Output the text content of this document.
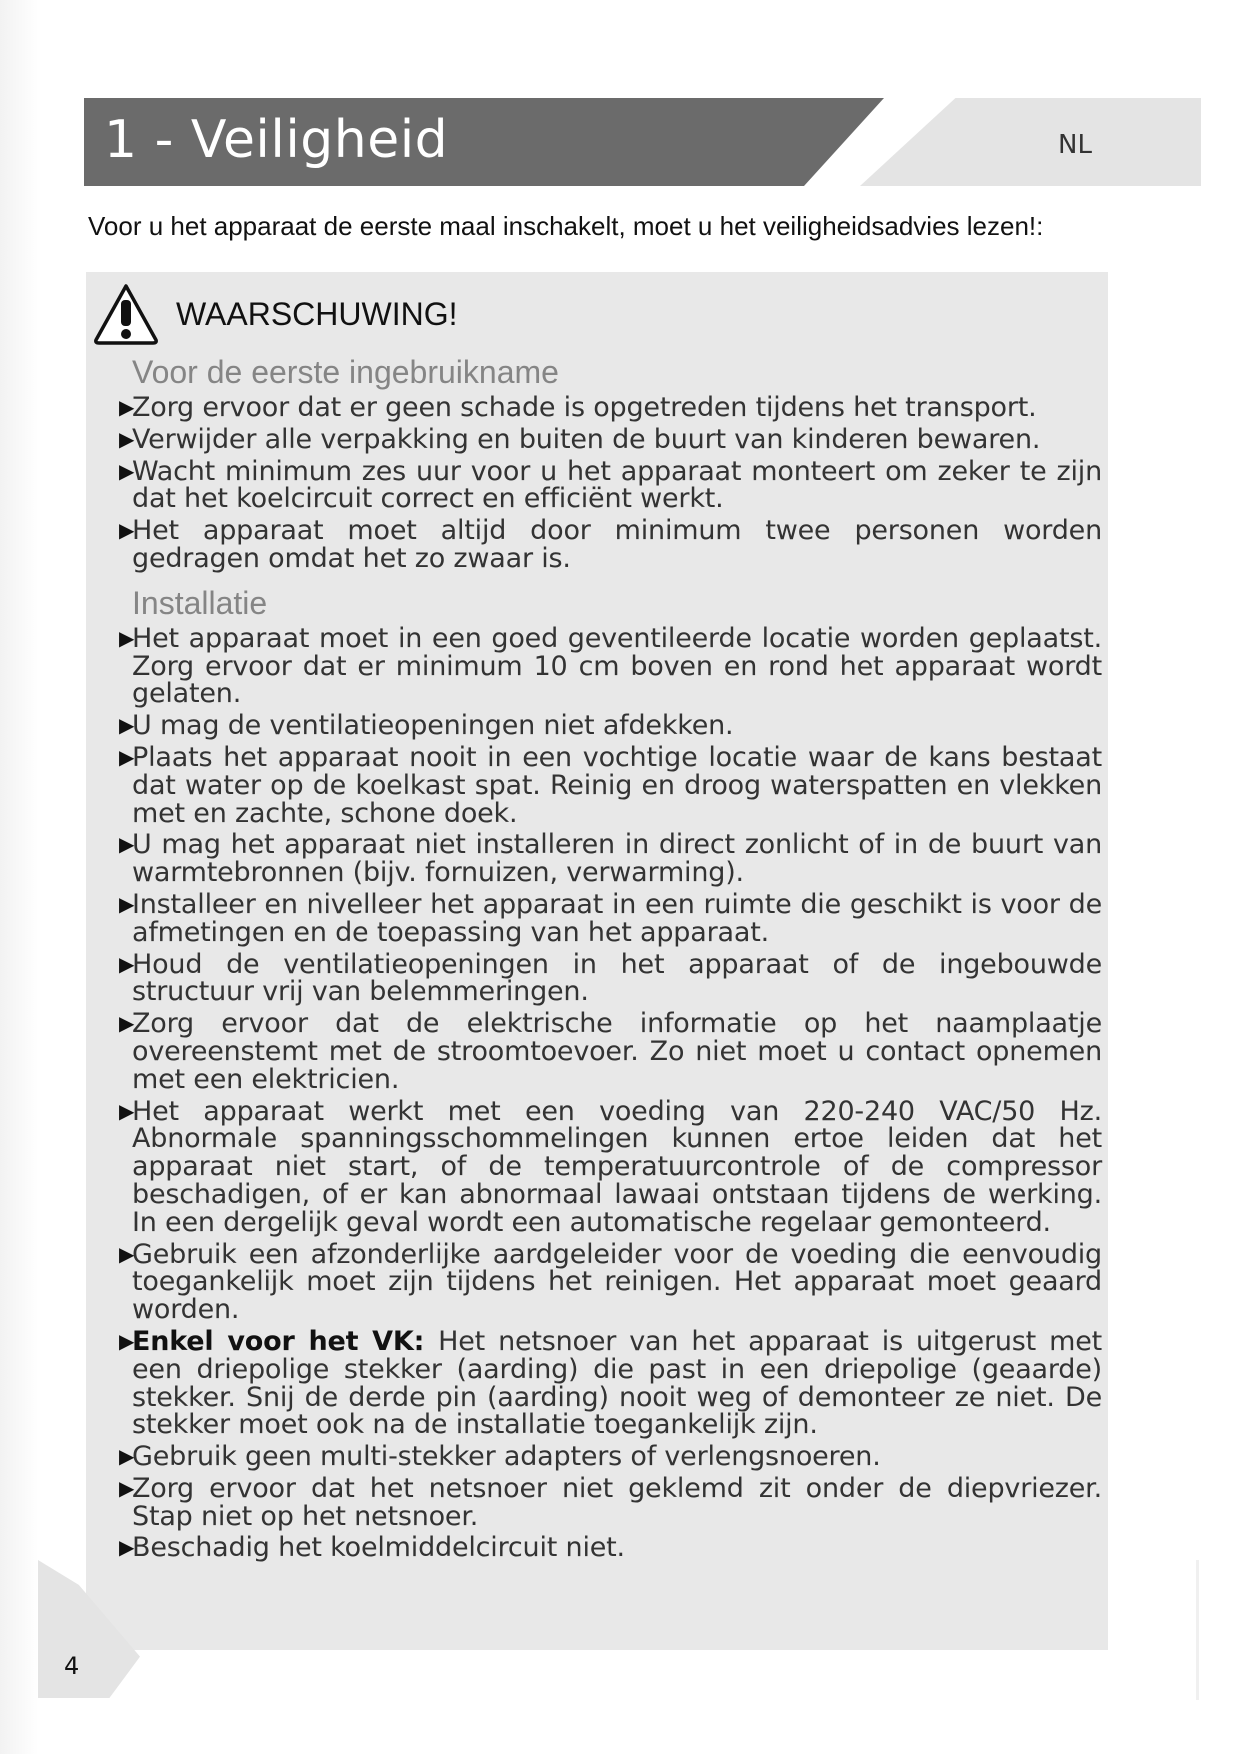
1 - Veiligheid	NL

Voor u het apparaat de eerste maal inschakelt, moet u het veiligheidsadvies lezen!:

WAARSCHUWING!
Voor de eerste ingebruikname
▶
Zorg ervoor dat er geen schade is opgetreden tijdens het transport.
▶
Verwijder alle verpakking en buiten de buurt van kinderen bewaren.
▶
Wacht minimum zes uur voor u het apparaat monteert om zeker te zijn dat het koelcircuit correct en efficiënt werkt.
▶
Het apparaat moet altijd door minimum twee personen worden gedragen omdat het zo zwaar is.
Installatie
▶
Het apparaat moet in een goed geventileerde locatie worden geplaatst. Zorg ervoor dat er minimum 10 cm boven en rond het apparaat wordt gelaten.
▶
U mag de ventilatieopeningen niet afdekken.
▶
Plaats het apparaat nooit in een vochtige locatie waar de kans bestaat dat water op de koelkast spat. Reinig en droog waterspatten en vlekken met en zachte, schone doek.
▶
U mag het apparaat niet installeren in direct zonlicht of in de buurt van warmtebronnen (bijv. fornuizen, verwarming).
▶
Installeer en nivelleer het apparaat in een ruimte die geschikt is voor de afmetingen en de toepassing van het apparaat.
▶
Houd de ventilatieopeningen in het apparaat of de ingebouwde structuur vrij van belemmeringen.
▶
Zorg ervoor dat de elektrische informatie op het naamplaatje overeenstemt met de stroomtoevoer. Zo niet moet u contact opnemen met een elektricien.
▶
Het apparaat werkt met een voeding van 220-240 VAC/50 Hz. Abnormale spanningsschommelingen kunnen ertoe leiden dat het apparaat niet start, of de temperatuurcontrole of de compressor beschadigen, of er kan abnormaal lawaai ontstaan tijdens de werking. In een dergelijk geval wordt een automatische regelaar gemonteerd.
▶
Gebruik een afzonderlijke aardgeleider voor de voeding die eenvoudig toegankelijk moet zijn tijdens het reinigen. Het apparaat moet geaard worden.
▶
Enkel voor het VK: Het netsnoer van het apparaat is uitgerust met een driepolige stekker (aarding) die past in een driepolige (geaarde) stekker. Snij de derde pin (aarding) nooit weg of demonteer ze niet. De stekker moet ook na de installatie toegankelijk zijn.
▶
Gebruik geen multi-stekker adapters of verlengsnoeren.
▶
Zorg ervoor dat het netsnoer niet geklemd zit onder de diepvriezer. Stap niet op het netsnoer.
▶
Beschadig het koelmiddelcircuit niet.
4
